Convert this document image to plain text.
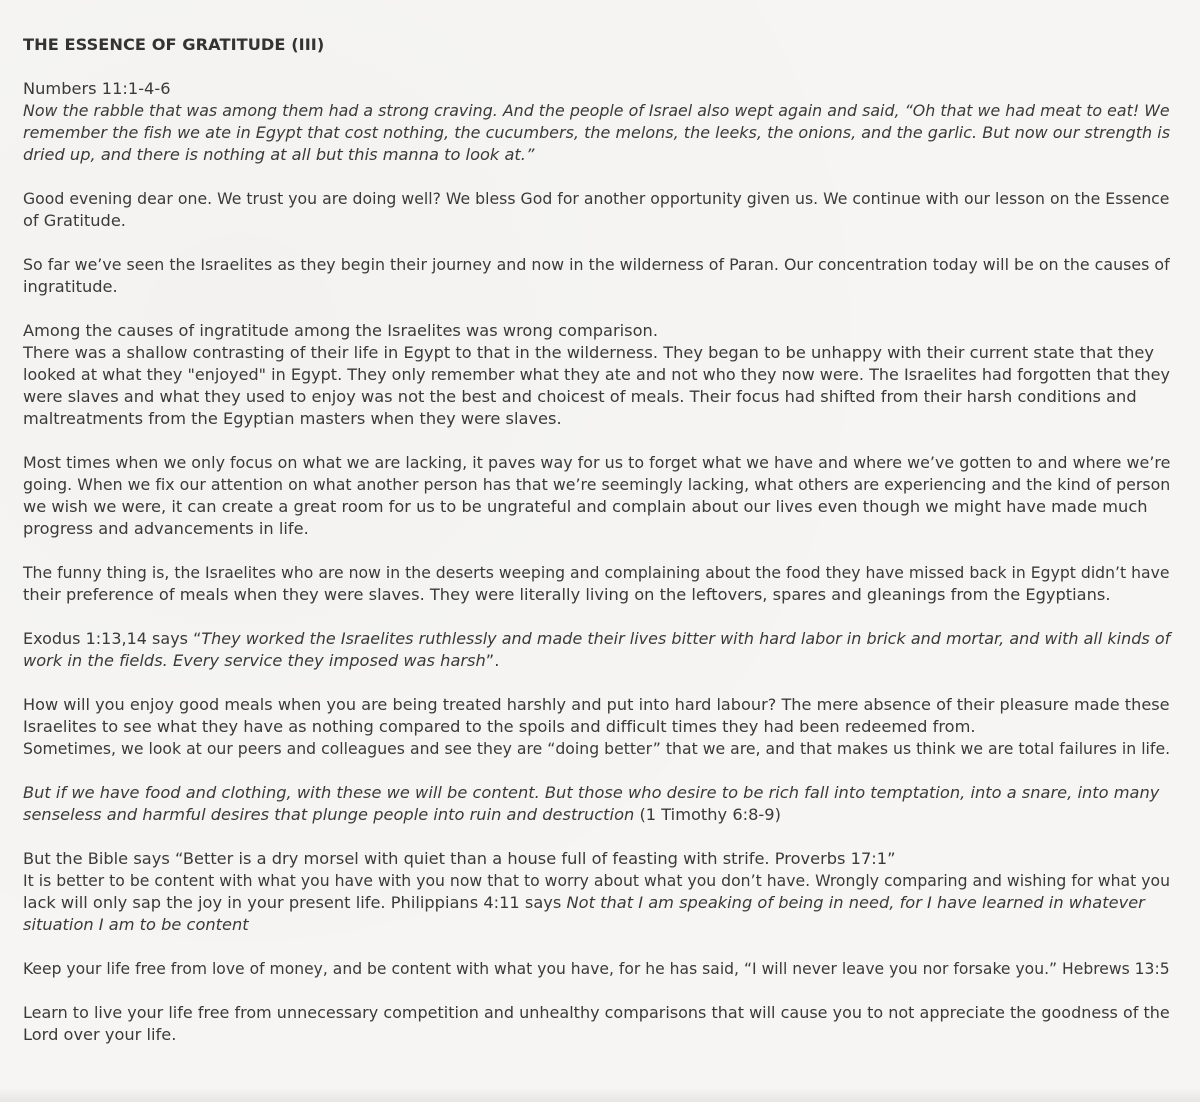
THE ESSENCE OF GRATITUDE (III)
Numbers 11:1-4-6
Now the rabble that was among them had a strong craving. And the people of Israel also wept again and said, “Oh that we had meat to eat! We
remember the fish we ate in Egypt that cost nothing, the cucumbers, the melons, the leeks, the onions, and the garlic. But now our strength is
dried up, and there is nothing at all but this manna to look at.”
Good evening dear one. We trust you are doing well? We bless God for another opportunity given us. We continue with our lesson on the Essence
of Gratitude.
So far we’ve seen the Israelites as they begin their journey and now in the wilderness of Paran. Our concentration today will be on the causes of
ingratitude.
Among the causes of ingratitude among the Israelites was wrong comparison.
There was a shallow contrasting of their life in Egypt to that in the wilderness. They began to be unhappy with their current state that they
looked at what they "enjoyed" in Egypt. They only remember what they ate and not who they now were. The Israelites had forgotten that they
were slaves and what they used to enjoy was not the best and choicest of meals. Their focus had shifted from their harsh conditions and
maltreatments from the Egyptian masters when they were slaves.
Most times when we only focus on what we are lacking, it paves way for us to forget what we have and where we’ve gotten to and where we’re
going. When we fix our attention on what another person has that we’re seemingly lacking, what others are experiencing and the kind of person
we wish we were, it can create a great room for us to be ungrateful and complain about our lives even though we might have made much
progress and advancements in life.
The funny thing is, the Israelites who are now in the deserts weeping and complaining about the food they have missed back in Egypt didn’t have
their preference of meals when they were slaves. They were literally living on the leftovers, spares and gleanings from the Egyptians.
Exodus 1:13,14 says “They worked the Israelites ruthlessly and made their lives bitter with hard labor in brick and mortar, and with all kinds of
work in the fields. Every service they imposed was harsh”.
How will you enjoy good meals when you are being treated harshly and put into hard labour? The mere absence of their pleasure made these
Israelites to see what they have as nothing compared to the spoils and difficult times they had been redeemed from.
Sometimes, we look at our peers and colleagues and see they are “doing better” that we are, and that makes us think we are total failures in life.
But if we have food and clothing, with these we will be content. But those who desire to be rich fall into temptation, into a snare, into many
senseless and harmful desires that plunge people into ruin and destruction (1 Timothy 6:8-9)
But the Bible says “Better is a dry morsel with quiet than a house full of feasting with strife. Proverbs 17:1”
It is better to be content with what you have with you now that to worry about what you don’t have. Wrongly comparing and wishing for what you
lack will only sap the joy in your present life. Philippians 4:11 says Not that I am speaking of being in need, for I have learned in whatever
situation I am to be content
Keep your life free from love of money, and be content with what you have, for he has said, “I will never leave you nor forsake you.” Hebrews 13:5
Learn to live your life free from unnecessary competition and unhealthy comparisons that will cause you to not appreciate the goodness of the
Lord over your life.
